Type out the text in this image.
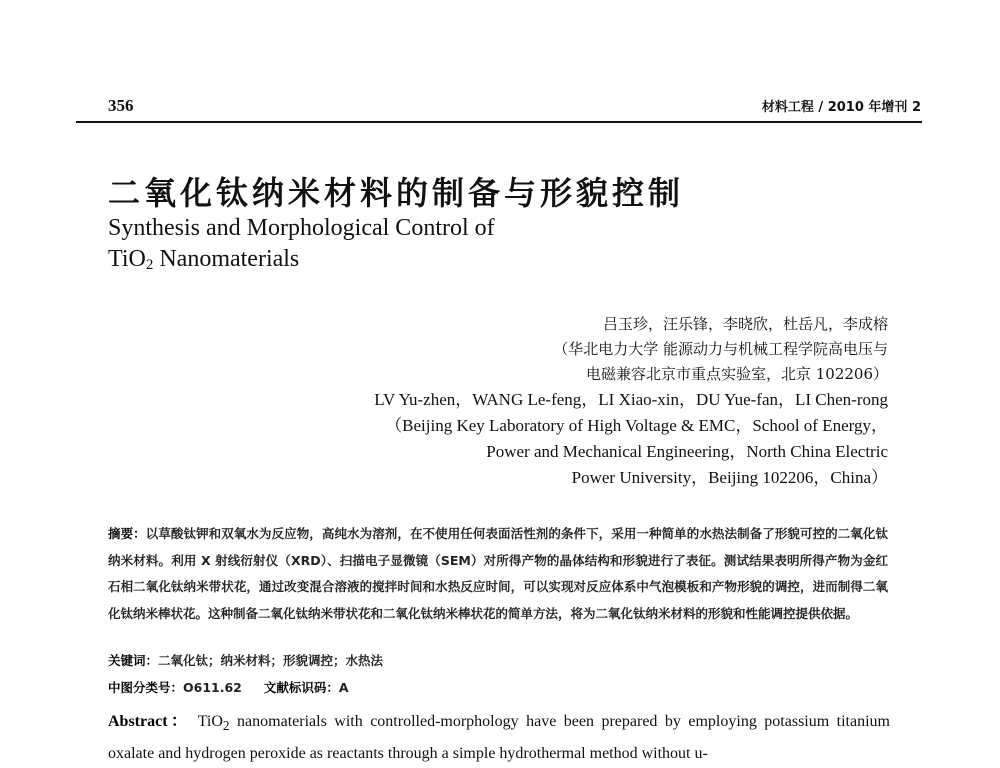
356	材料工程 / 2010 年增刊 2
二氧化钛纳米材料的制备与形貌控制
Synthesis and Morphological Control of
TiO$_2$ Nanomaterials
吕玉珍，汪乐锋，李晓欣，杜岳凡，李成榕
（华北电力大学 能源动力与机械工程学院高电压与
电磁兼容北京市重点实验室，北京 102206）
LV Yu-zhen，WANG Le-feng，LI Xiao-xin，DU Yue-fan，LI Chen-rong
（Beijing Key Laboratory of High Voltage & EMC，School of Energy，
Power and Mechanical Engineering，North China Electric
Power University，Beijing 102206，China）
摘要：以草酸钛钾和双氧水为反应物，高纯水为溶剂，在不使用任何表面活性剂的条件下，采用一种简单的水热法制备了形貌可控的二氧化钛纳米材料。利用 X 射线衍射仪（XRD）、扫描电子显微镜（SEM）对所得产物的晶体结构和形貌进行了表征。测试结果表明所得产物为金红石相二氧化钛纳米带状花，通过改变混合溶液的搅拌时间和水热反应时间，可以实现对反应体系中气泡模板和产物形貌的调控，进而制得二氧化钛纳米棒状花。这种制备二氧化钛纳米带状花和二氧化钛纳米棒状花的简单方法，将为二氧化钛纳米材料的形貌和性能调控提供依据。
关键词：二氧化钛；纳米材料；形貌调控；水热法
中图分类号：O611.62 文献标识码：A
Abstract： TiO$_2$ nanomaterials with controlled-morphology have been prepared by employing potassium titanium oxalate and hydrogen peroxide as reactants through a simple hydrothermal method without u-
